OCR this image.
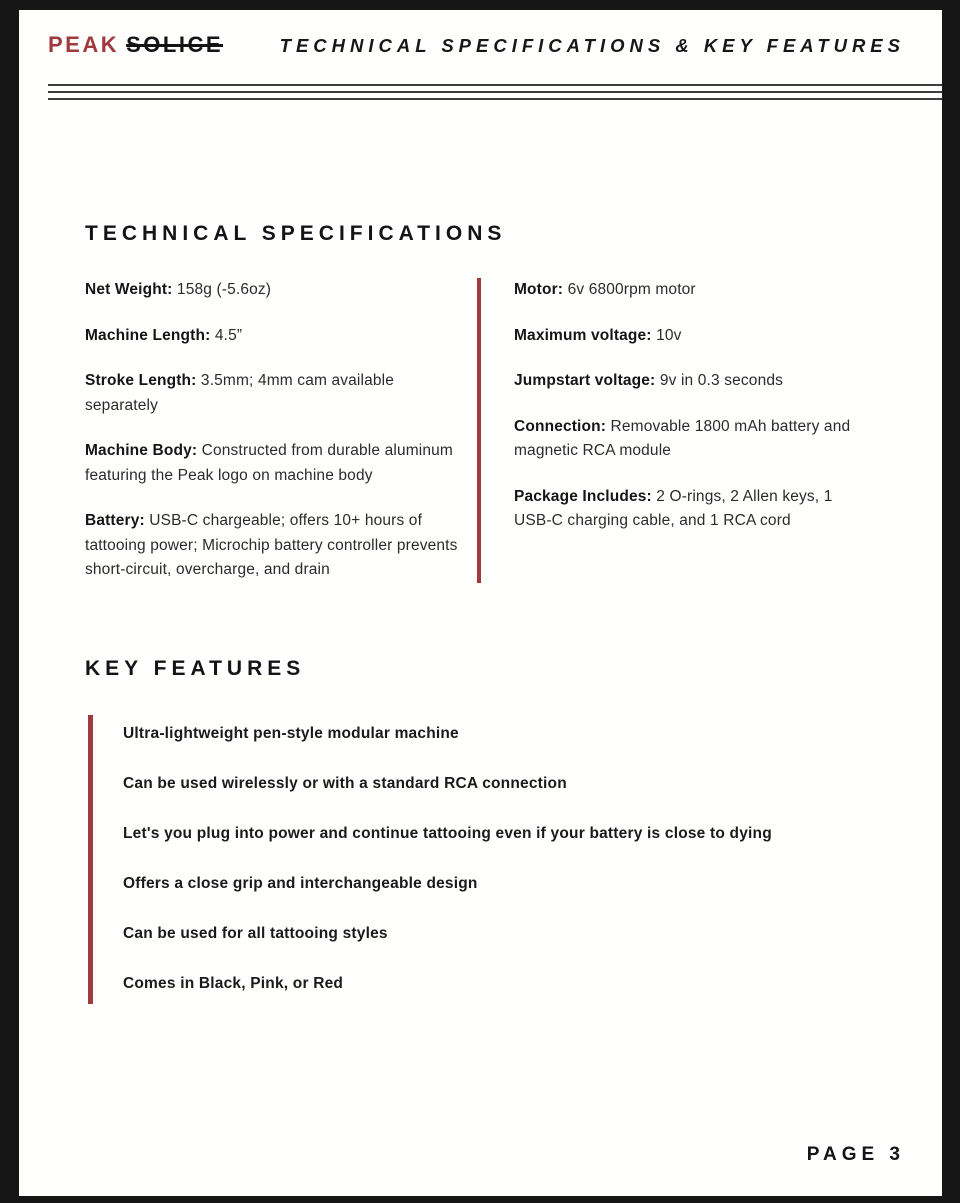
PEAK SOLICE	TECHNICAL SPECIFICATIONS & KEY FEATURES
TECHNICAL SPECIFICATIONS

Net Weight: 158g (-5.6oz)

Machine Length: 4.5”

Stroke Length: 3.5mm; 4mm cam available separately

Machine Body: Constructed from durable aluminum featuring the Peak logo on machine body

Battery: USB-C chargeable; offers 10+ hours of tattooing power; Microchip battery controller prevents short-circuit, overcharge, and drain

Motor: 6v 6800rpm motor

Maximum voltage: 10v

Jumpstart voltage: 9v in 0.3 seconds

Connection: Removable 1800 mAh battery and magnetic RCA module

Package Includes: 2 O-rings, 2 Allen keys, 1 USB-C charging cable, and 1 RCA cord

KEY FEATURES

Ultra-lightweight pen-style modular machine

Can be used wirelessly or with a standard RCA connection

Let's you plug into power and continue tattooing even if your battery is close to dying

Offers a close grip and interchangeable design

Can be used for all tattooing styles

Comes in Black, Pink, or Red

PAGE 3
